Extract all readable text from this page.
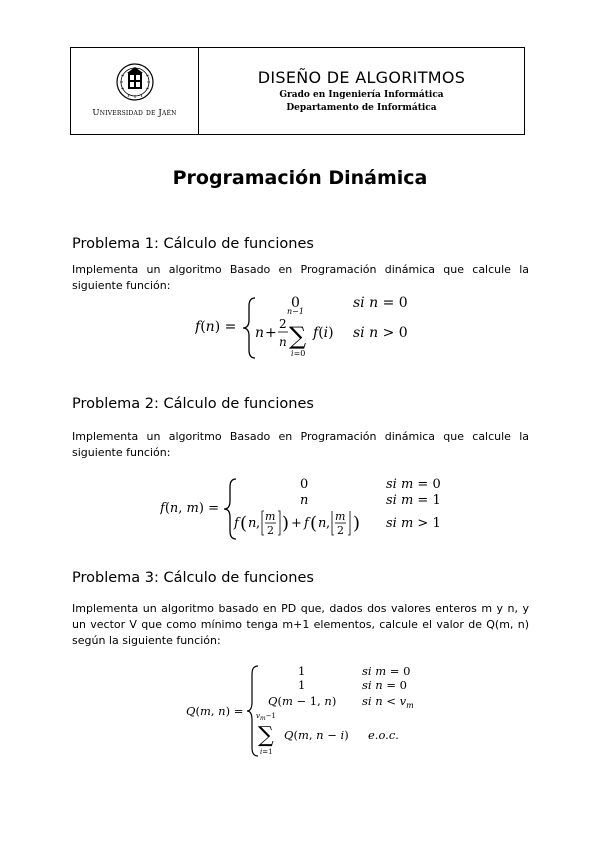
Universidad de Jaén
DISEÑO DE ALGORITMOS
Grado en Ingeniería Informática
Departamento de Informática
Programación Dinámica
Problema 1: Cálculo de funciones
Implementa un algoritmo Basado en Programación dinámica que calcule la
siguiente función:
f(n) =
0	si n = 0
n +
2
n
n−1
∑
i=0
f(i) si n > 0
Problema 2: Cálculo de funciones
Implementa un algoritmo Basado en Programación dinámica que calcule la
siguiente función:
f(n, m) =
0	si m = 0
n	si m = 1
f ( n , m
2 ) + f ( n , m
2 ) si m > 1
Problema 3: Cálculo de funciones
Implementa un algoritmo basado en PD que, dados dos valores enteros m y n, y
un vector V que como mínimo tenga m+1 elementos, calcule el valor de Q(m, n)
según la siguiente función:
Q(m, n) =
1	si m = 0
1	si n = 0
Q(m − 1, n) si $n < v_m$
vm−1
∑
i=1
Q(m, n − i) e.o.c.
